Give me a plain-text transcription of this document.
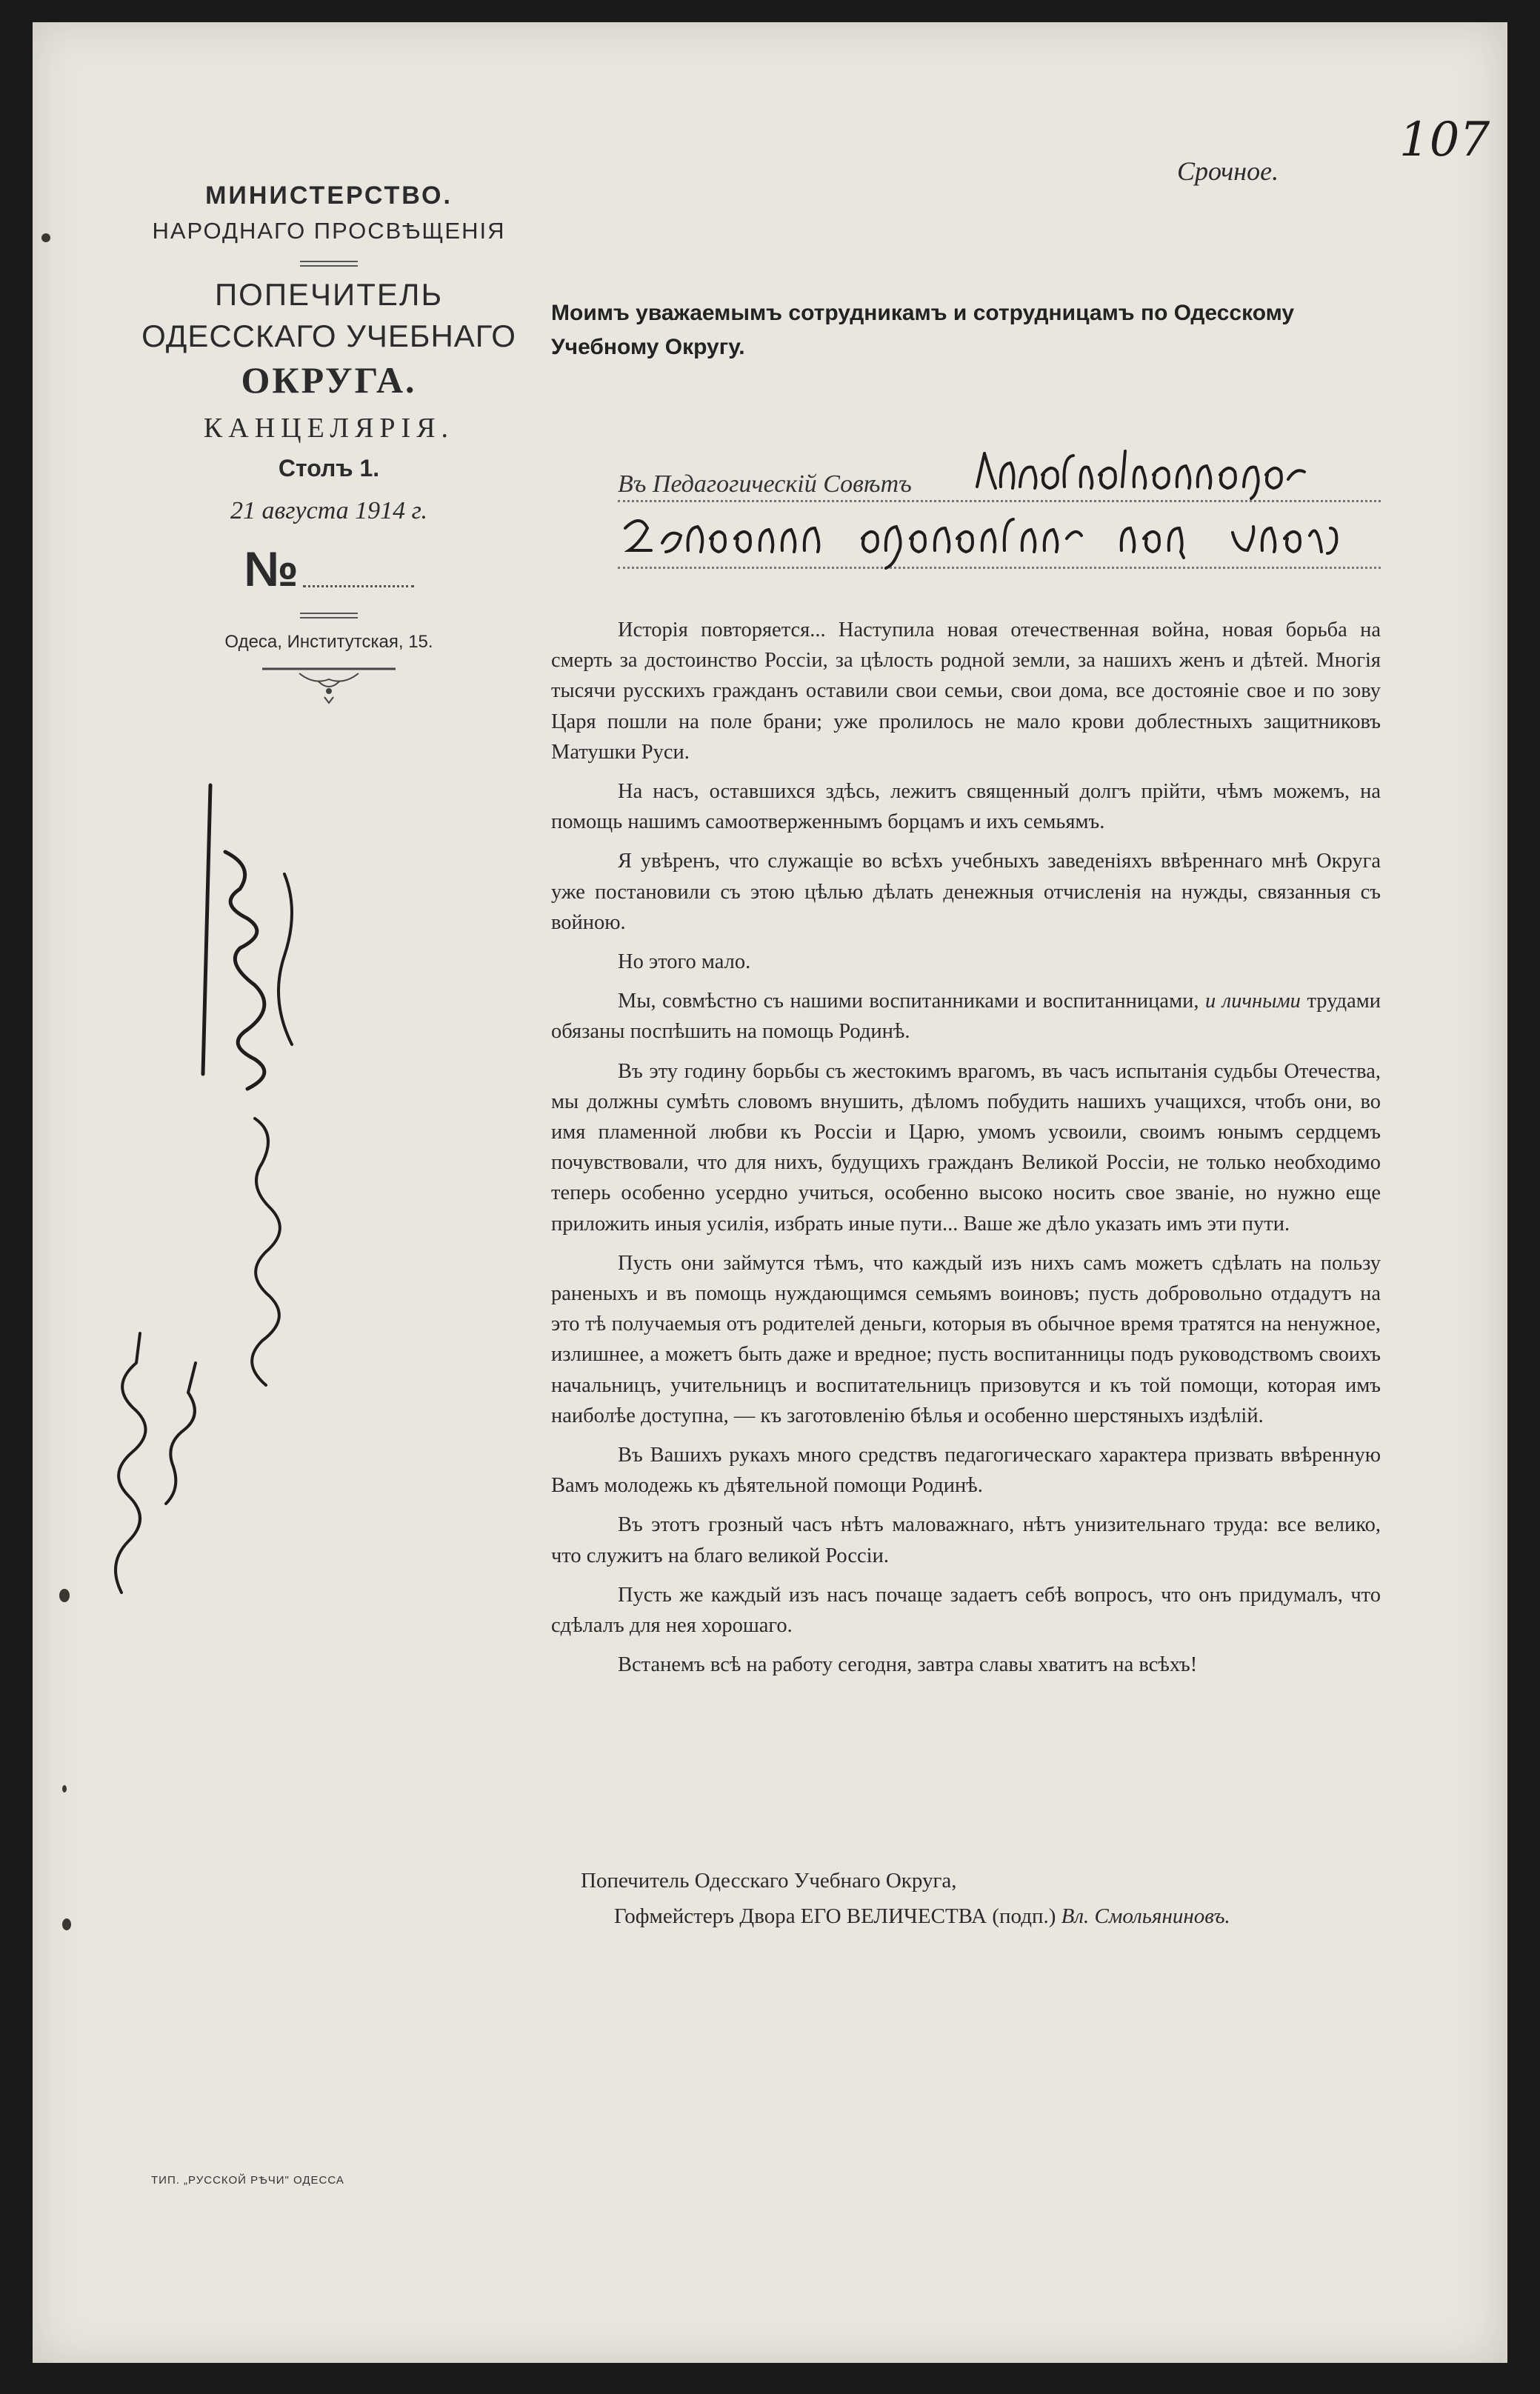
МИНИСТЕРСТВО.

НАРОДНАГО ПРОСВѢЩЕНІЯ

ПОПЕЧИТЕЛЬ

ОДЕССКАГО УЧЕБНАГО

ОКРУГА.

КАНЦЕЛЯРІЯ.

Столъ 1.

21 августа 1914 г.

№

Одеса, Институтская, 15.

107
Срочное.
Моимъ уважаемымъ сотрудникамъ и сотрудницамъ по Одесскому Учебному Округу.
Въ Педагогическій Совѣтъ

Исторія повторяется... Наступила новая отечественная война, новая борьба на смерть за достоинство Россіи, за цѣлость родной земли, за нашихъ женъ и дѣтей. Многія тысячи русскихъ гражданъ оставили свои семьи, свои дома, все достояніе свое и по зову Царя пошли на поле брани; уже пролилось не мало крови доблестныхъ защитниковъ Матушки Руси.

На насъ, оставшихся здѣсь, лежитъ священный долгъ прійти, чѣмъ можемъ, на помощь нашимъ самоотверженнымъ борцамъ и ихъ семьямъ.

Я увѣренъ, что служащіе во всѣхъ учебныхъ заведеніяхъ ввѣреннаго мнѣ Округа уже постановили съ этою цѣлью дѣлать денежныя отчисленія на нужды, связанныя съ войною.

Но этого мало.

Мы, совмѣстно съ нашими воспитанниками и воспитанницами, и личными трудами обязаны поспѣшить на помощь Родинѣ.

Въ эту годину борьбы съ жестокимъ врагомъ, въ часъ испытанія судьбы Отечества, мы должны сумѣть словомъ внушить, дѣломъ побудить нашихъ учащихся, чтобъ они, во имя пламенной любви къ Россіи и Царю, умомъ усвоили, своимъ юнымъ сердцемъ почувствовали, что для нихъ, будущихъ гражданъ Великой Россіи, не только необходимо теперь особенно усердно учиться, особенно высоко носить свое званіе, но нужно еще приложить иныя усилія, избрать иные пути... Ваше же дѣло указать имъ эти пути.

Пусть они займутся тѣмъ, что каждый изъ нихъ самъ можетъ сдѣлать на пользу раненыхъ и въ помощь нуждающимся семьямъ воиновъ; пусть добровольно отдадутъ на это тѣ получаемыя отъ родителей деньги, которыя въ обычное время тратятся на ненужное, излишнее, а можетъ быть даже и вредное; пусть воспитанницы подъ руководствомъ своихъ начальницъ, учительницъ и воспитательницъ призовутся и къ той помощи, которая имъ наиболѣе доступна, — къ заготовленію бѣлья и особенно шерстяныхъ издѣлій.

Въ Вашихъ рукахъ много средствъ педагогическаго характера призвать ввѣренную Вамъ молодежь къ дѣятельной помощи Родинѣ.

Въ этотъ грозный часъ нѣтъ маловажнаго, нѣтъ унизительнаго труда: все велико, что служитъ на благо великой Россіи.

Пусть же каждый изъ насъ почаще задаетъ себѣ вопросъ, что онъ придумалъ, что сдѣлалъ для нея хорошаго.

Встанемъ всѣ на работу сегодня, завтра славы хватитъ на всѣхъ!

Попечитель Одесскаго Учебнаго Округа,

Гофмейстеръ Двора ЕГО ВЕЛИЧЕСТВА (подп.) Вл. Смольяниновъ.

ТИП. „РУССКОЙ РѢЧИ" ОДЕССА
6 сент 1914 г.
